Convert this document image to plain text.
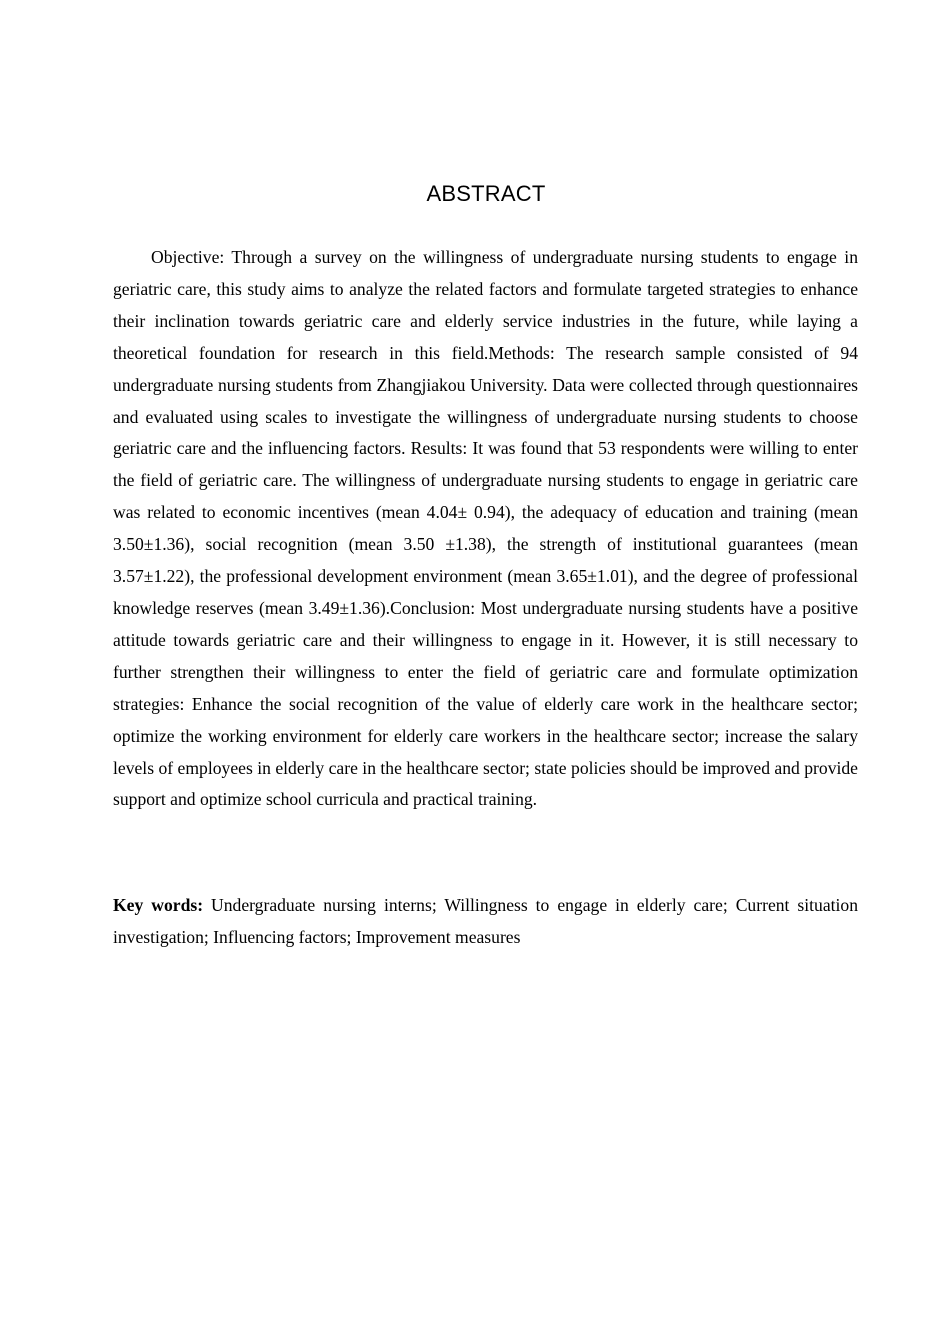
ABSTRACT

Objective: Through a survey on the willingness of undergraduate nursing students to engage in geriatric care, this study aims to analyze the related factors and formulate targeted strategies to enhance their inclination towards geriatric care and elderly service industries in the future, while laying a theoretical foundation for research in this field.Methods: The research sample consisted of 94 undergraduate nursing students from Zhangjiakou University. Data were collected through questionnaires and evaluated using scales to investigate the willingness of undergraduate nursing students to choose geriatric care and the influencing factors. Results: It was found that 53 respondents were willing to enter the field of geriatric care. The willingness of undergraduate nursing students to engage in geriatric care was related to economic incentives (mean 4.04± 0.94), the adequacy of education and training (mean 3.50±1.36), social recognition (mean 3.50 ±1.38), the strength of institutional guarantees (mean 3.57±1.22), the professional development environment (mean 3.65±1.01), and the degree of professional knowledge reserves (mean 3.49±1.36).Conclusion: Most undergraduate nursing students have a positive attitude towards geriatric care and their willingness to engage in it. However, it is still necessary to further strengthen their willingness to enter the field of geriatric care and formulate optimization strategies: Enhance the social recognition of the value of elderly care work in the healthcare sector; optimize the working environment for elderly care workers in the healthcare sector; increase the salary levels of employees in elderly care in the healthcare sector; state policies should be improved and provide support and optimize school curricula and practical training.

Key words: Undergraduate nursing interns; Willingness to engage in elderly care; Current situation investigation; Influencing factors; Improvement measures
